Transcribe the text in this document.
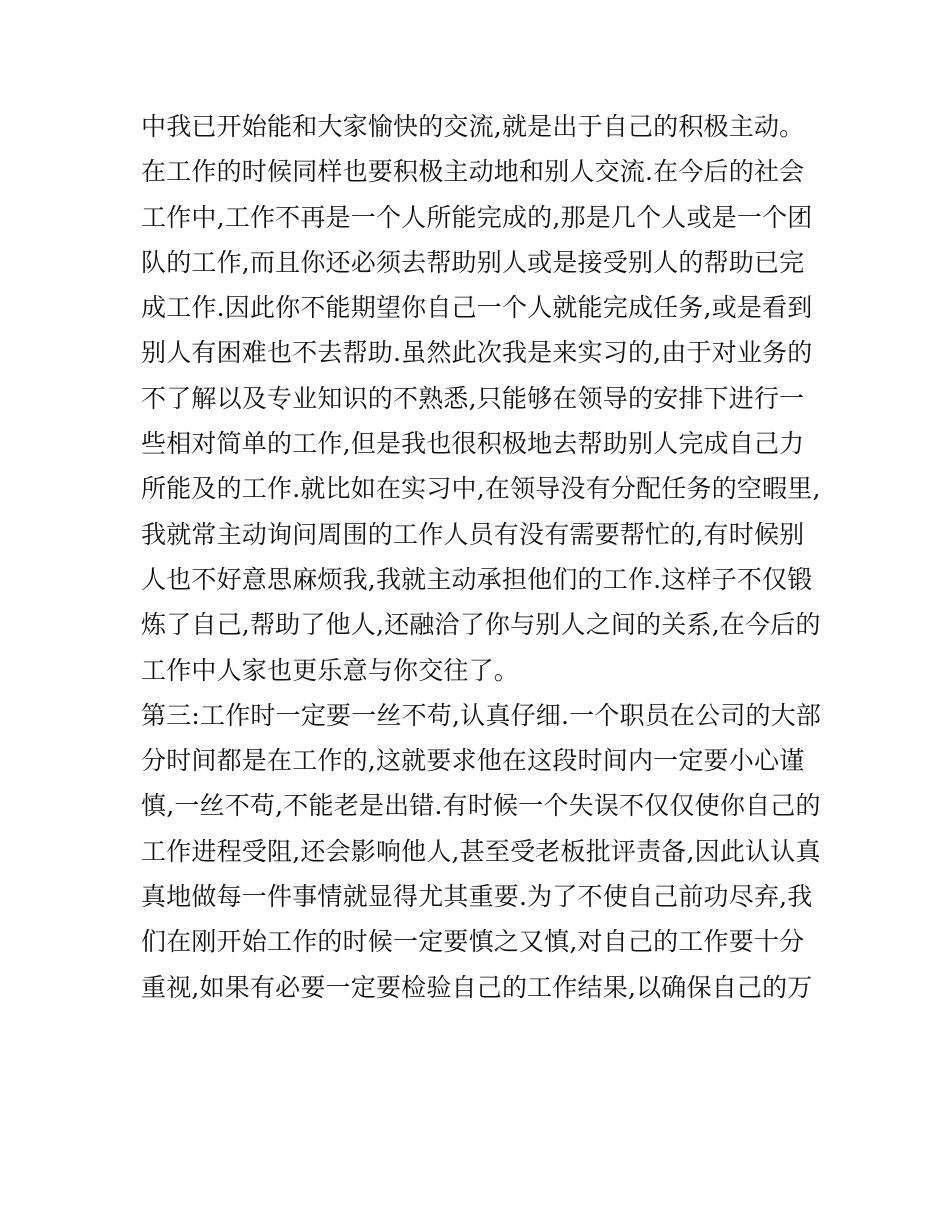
中我已开始能和大家愉快的交流,就是出于自己的积极主动。
在工作的时候同样也要积极主动地和别人交流.在今后的社会
工作中,工作不再是一个人所能完成的,那是几个人或是一个团
队的工作,而且你还必须去帮助别人或是接受别人的帮助已完
成工作.因此你不能期望你自己一个人就能完成任务,或是看到
别人有困难也不去帮助.虽然此次我是来实习的,由于对业务的
不了解以及专业知识的不熟悉,只能够在领导的安排下进行一
些相对简单的工作,但是我也很积极地去帮助别人完成自己力
所能及的工作.就比如在实习中,在领导没有分配任务的空暇里,
我就常主动询问周围的工作人员有没有需要帮忙的,有时候别
人也不好意思麻烦我,我就主动承担他们的工作.这样子不仅锻
炼了自己,帮助了他人,还融洽了你与别人之间的关系,在今后的
工作中人家也更乐意与你交往了。
第三:工作时一定要一丝不苟,认真仔细.一个职员在公司的大部
分时间都是在工作的,这就要求他在这段时间内一定要小心谨
慎,一丝不苟,不能老是出错.有时候一个失误不仅仅使你自己的
工作进程受阻,还会影响他人,甚至受老板批评责备,因此认认真
真地做每一件事情就显得尤其重要.为了不使自己前功尽弃,我
们在刚开始工作的时候一定要慎之又慎,对自己的工作要十分
重视,如果有必要一定要检验自己的工作结果,以确保自己的万
